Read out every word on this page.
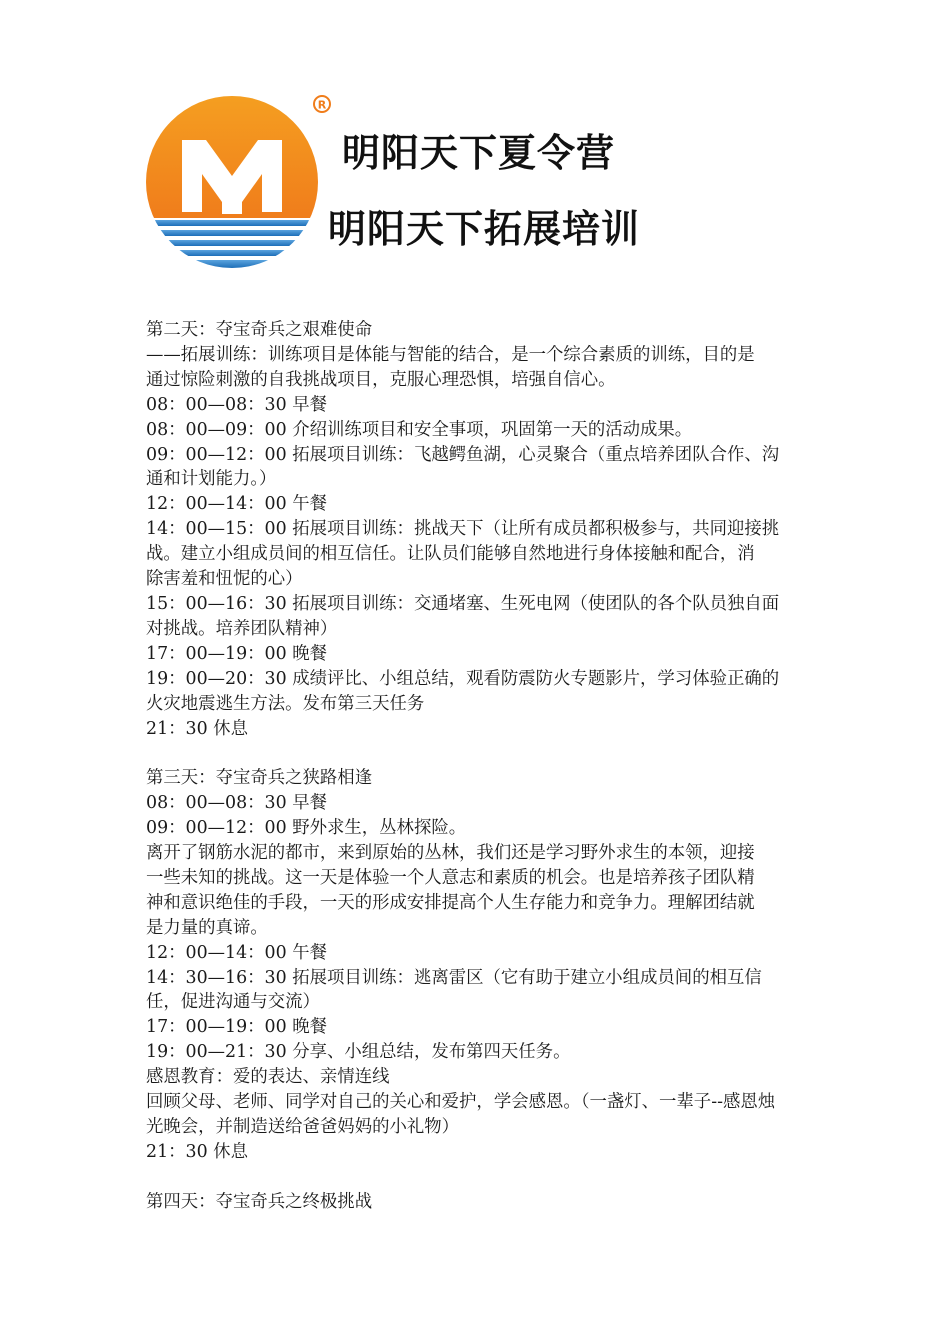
R
明阳天下夏令营
明阳天下拓展培训

第二天：夺宝奇兵之艰难使命

——拓展训练：训练项目是体能与智能的结合，是一个综合素质的训练，目的是

通过惊险刺激的自我挑战项目，克服心理恐惧，培强自信心。

08：00—08：30 早餐

08：00—09：00 介绍训练项目和安全事项，巩固第一天的活动成果。

09：00—12：00 拓展项目训练：飞越鳄鱼湖，心灵聚合（重点培养团队合作、沟

通和计划能力。）

12：00—14：00 午餐

14：00—15：00 拓展项目训练：挑战天下（让所有成员都积极参与，共同迎接挑

战。建立小组成员间的相互信任。让队员们能够自然地进行身体接触和配合，消

除害羞和忸怩的心）

15：00—16：30 拓展项目训练：交通堵塞、生死电网（使团队的各个队员独自面

对挑战。培养团队精神）

17：00—19：00 晚餐

19：00—20：30 成绩评比、小组总结，观看防震防火专题影片，学习体验正确的

火灾地震逃生方法。发布第三天任务

21：30 休息

第三天：夺宝奇兵之狭路相逢

08：00—08：30 早餐

09：00—12：00 野外求生，丛林探险。

离开了钢筋水泥的都市，来到原始的丛林，我们还是学习野外求生的本领，迎接

一些未知的挑战。这一天是体验一个人意志和素质的机会。也是培养孩子团队精

神和意识绝佳的手段，一天的形成安排提高个人生存能力和竞争力。理解团结就

是力量的真谛。

12：00—14：00 午餐

14：30—16：30 拓展项目训练：逃离雷区（它有助于建立小组成员间的相互信

任，促进沟通与交流）

17：00—19：00 晚餐

19：00—21：30 分享、小组总结，发布第四天任务。

感恩教育：爱的表达、亲情连线

回顾父母、老师、同学对自己的关心和爱护，学会感恩。（一盏灯、一辈子--感恩烛

光晚会，并制造送给爸爸妈妈的小礼物）

21：30 休息

第四天：夺宝奇兵之终极挑战
